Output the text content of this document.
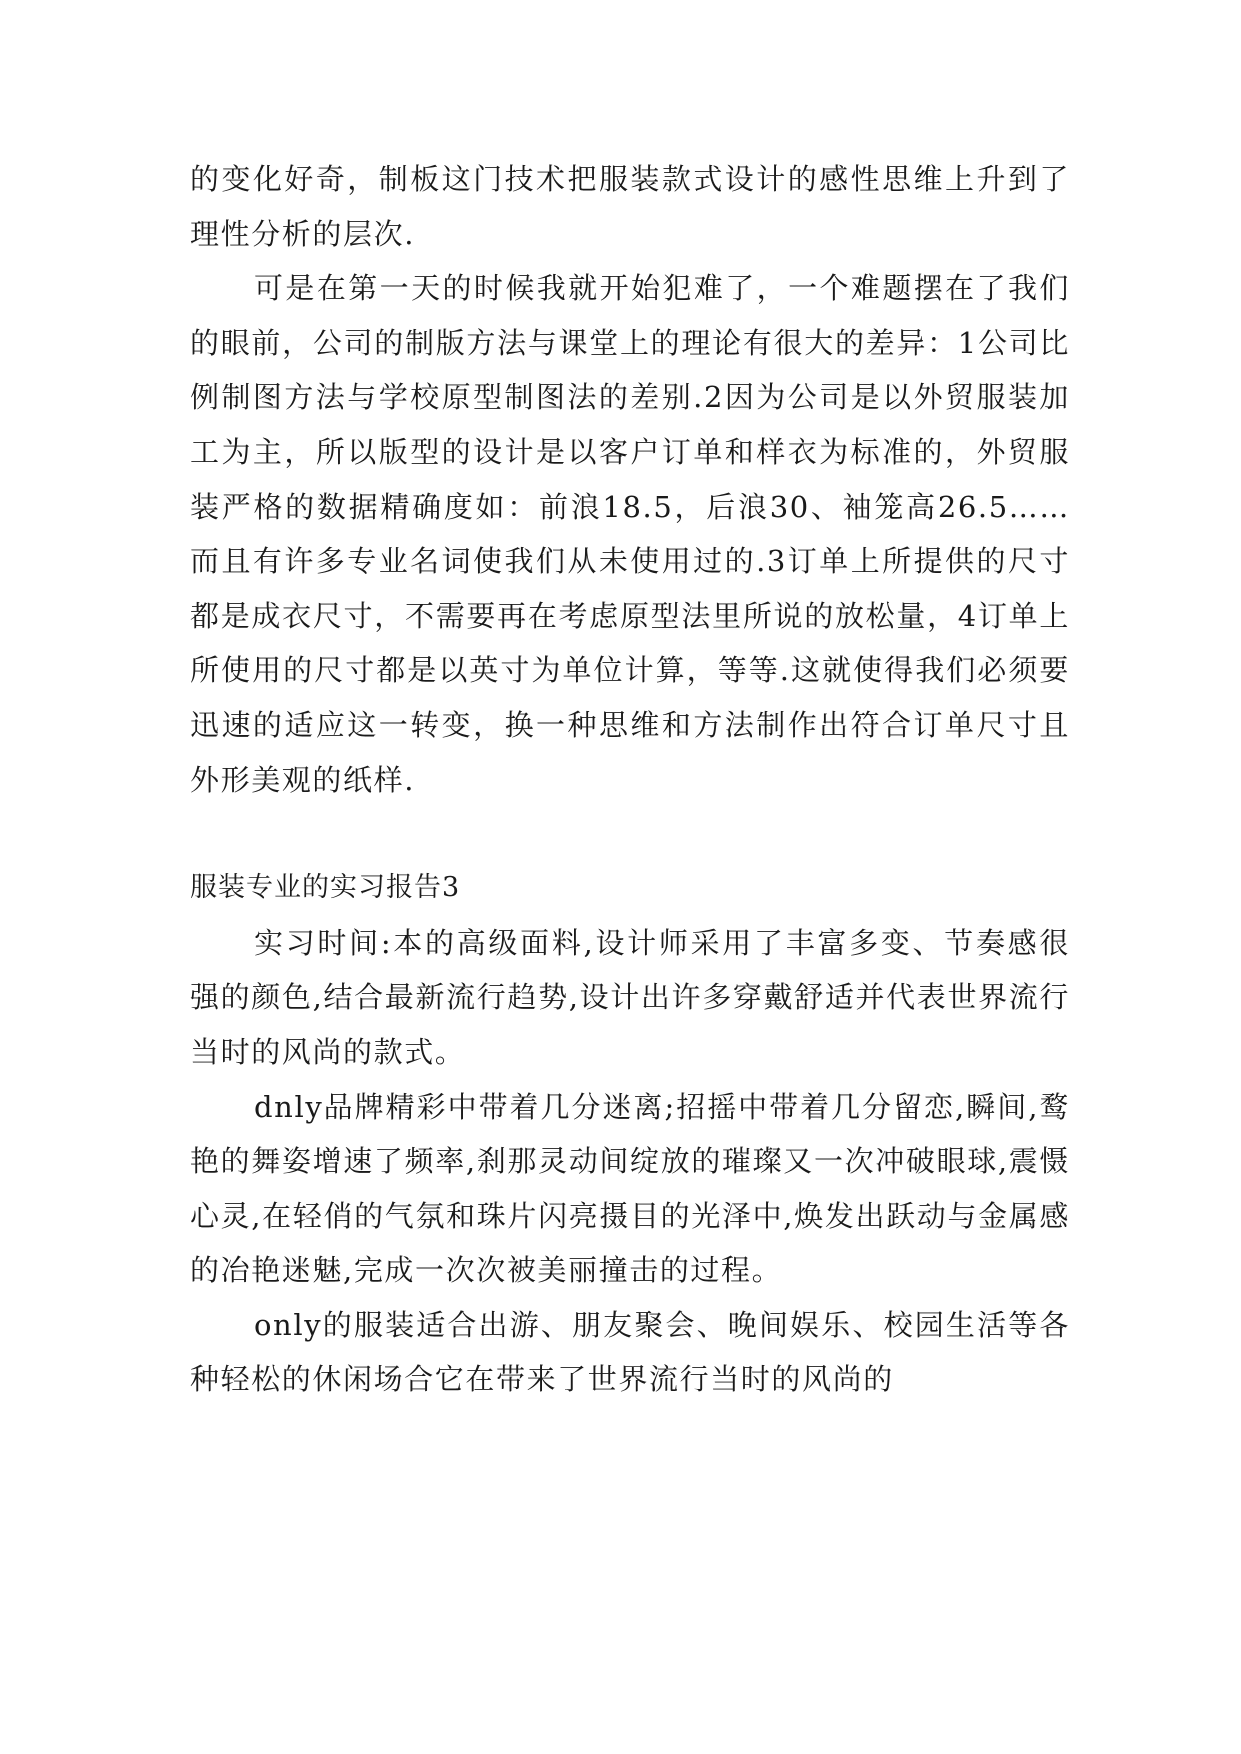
的变化好奇，制板这门技术把服装款式设计的感性思维上升到了理性分析的层次.

可是在第一天的时候我就开始犯难了，一个难题摆在了我们的眼前，公司的制版方法与课堂上的理论有很大的差异：1公司比例制图方法与学校原型制图法的差别.2因为公司是以外贸服装加工为主，所以版型的设计是以客户订单和样衣为标准的，外贸服装严格的数据精确度如：前浪18.5，后浪30、袖笼高26.5……而且有许多专业名词使我们从未使用过的.3订单上所提供的尺寸都是成衣尺寸，不需要再在考虑原型法里所说的放松量，4订单上所使用的尺寸都是以英寸为单位计算，等等.这就使得我们必须要迅速的适应这一转变，换一种思维和方法制作出符合订单尺寸且外形美观的纸样.

服装专业的实习报告3

实习时间:本的高级面料,设计师采用了丰富多变、节奏感很强的颜色,结合最新流行趋势,设计出许多穿戴舒适并代表世界流行当时的风尚的款式。

dnly品牌精彩中带着几分迷离;招摇中带着几分留恋,瞬间,鹜艳的舞姿增速了频率,刹那灵动间绽放的璀璨又一次冲破眼球,震慑心灵,在轻俏的气氛和珠片闪亮摄目的光泽中,焕发出跃动与金属感的冶艳迷魅,完成一次次被美丽撞击的过程。

only的服装适合出游、朋友聚会、晚间娱乐、校园生活等各种轻松的休闲场合它在带来了世界流行当时的风尚的
